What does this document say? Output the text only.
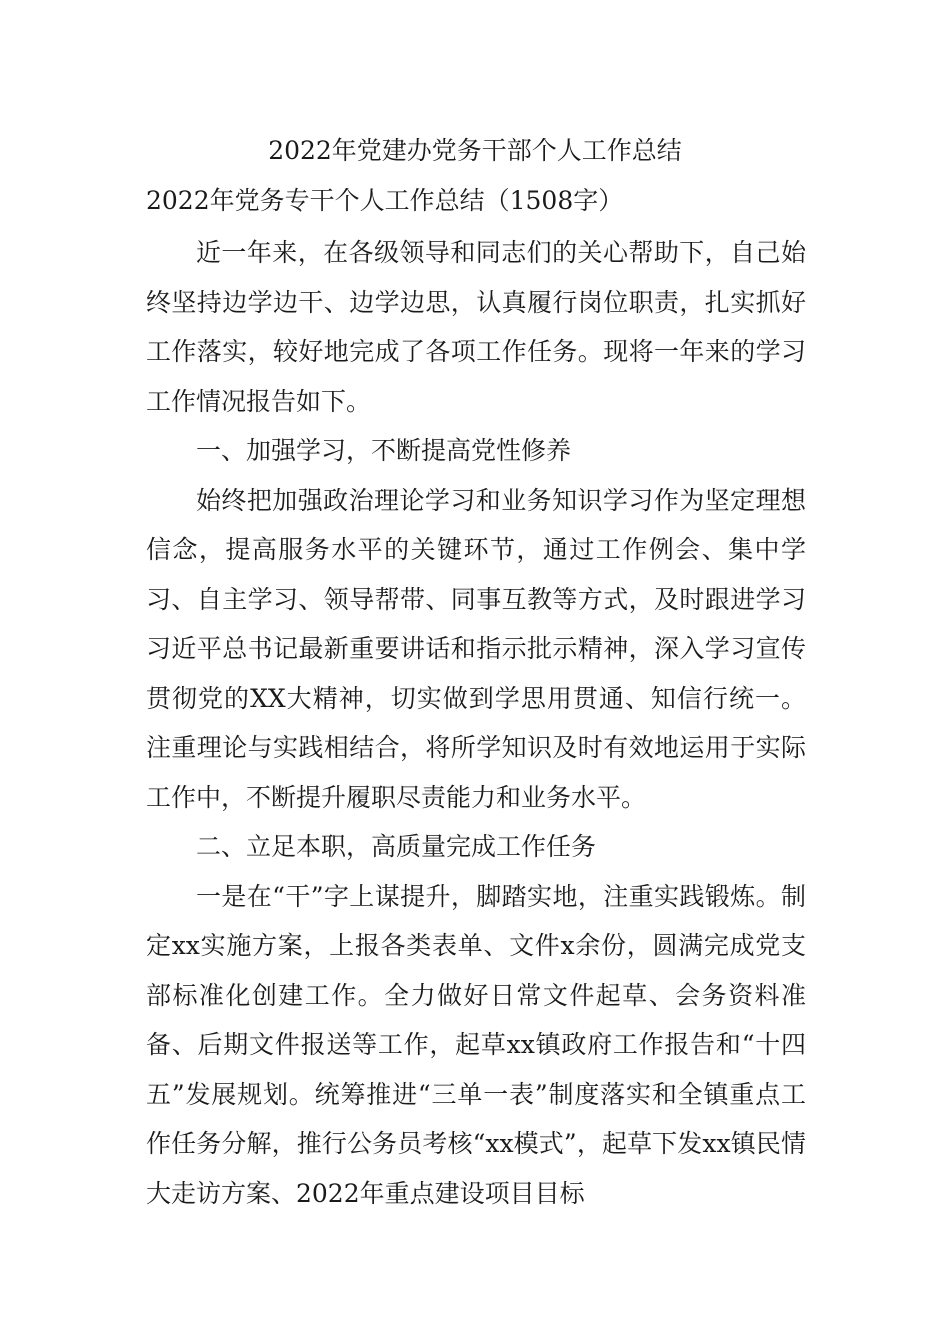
2022年党建办党务干部个人工作总结

2022年党务专干个人工作总结（1508字）

近一年来，在各级领导和同志们的关心帮助下，自己始终坚持边学边干、边学边思，认真履行岗位职责，扎实抓好工作落实，较好地完成了各项工作任务。现将一年来的学习工作情况报告如下。

一、加强学习，不断提高党性修养

始终把加强政治理论学习和业务知识学习作为坚定理想信念，提高服务水平的关键环节，通过工作例会、集中学习、自主学习、领导帮带、同事互教等方式，及时跟进学习习近平总书记最新重要讲话和指示批示精神，深入学习宣传贯彻党的XX大精神，切实做到学思用贯通、知信行统一。注重理论与实践相结合，将所学知识及时有效地运用于实际工作中，不断提升履职尽责能力和业务水平。

二、立足本职，高质量完成工作任务

一是在“干”字上谋提升，脚踏实地，注重实践锻炼。制定xx实施方案，上报各类表单、文件x余份，圆满完成党支部标准化创建工作。全力做好日常文件起草、会务资料准备、后期文件报送等工作，起草xx镇政府工作报告和“十四五”发展规划。统筹推进“三单一表”制度落实和全镇重点工作任务分解，推行公务员考核“xx模式”，起草下发xx镇民情大走访方案、2022年重点建设项目目标
